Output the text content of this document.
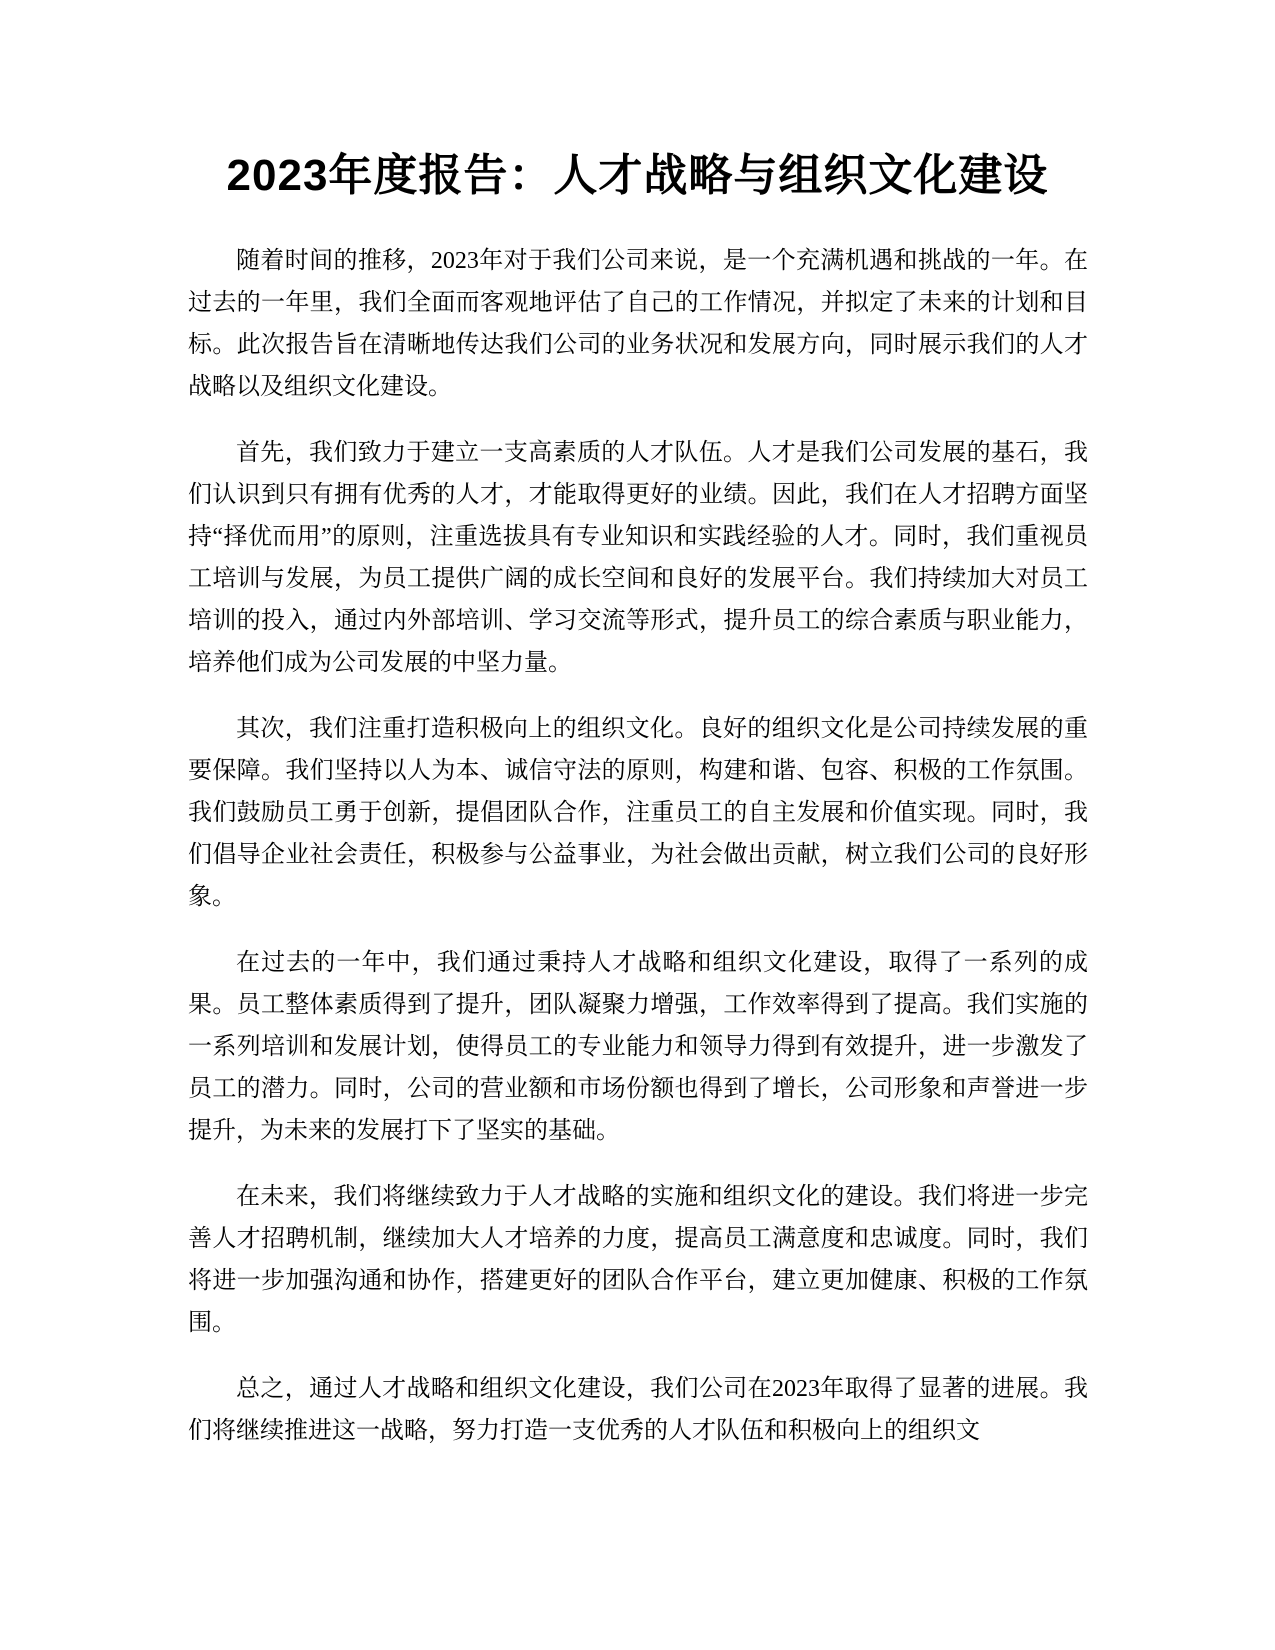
2023年度报告：人才战略与组织文化建设

随着时间的推移，2023年对于我们公司来说，是一个充满机遇和挑战的一年。在过去的一年里，我们全面而客观地评估了自己的工作情况，并拟定了未来的计划和目标。此次报告旨在清晰地传达我们公司的业务状况和发展方向，同时展示我们的人才战略以及组织文化建设。

首先，我们致力于建立一支高素质的人才队伍。人才是我们公司发展的基石，我们认识到只有拥有优秀的人才，才能取得更好的业绩。因此，我们在人才招聘方面坚持“择优而用”的原则，注重选拔具有专业知识和实践经验的人才。同时，我们重视员工培训与发展，为员工提供广阔的成长空间和良好的发展平台。我们持续加大对员工培训的投入，通过内外部培训、学习交流等形式，提升员工的综合素质与职业能力，培养他们成为公司发展的中坚力量。

其次，我们注重打造积极向上的组织文化。良好的组织文化是公司持续发展的重要保障。我们坚持以人为本、诚信守法的原则，构建和谐、包容、积极的工作氛围。我们鼓励员工勇于创新，提倡团队合作，注重员工的自主发展和价值实现。同时，我们倡导企业社会责任，积极参与公益事业，为社会做出贡献，树立我们公司的良好形象。

在过去的一年中，我们通过秉持人才战略和组织文化建设，取得了一系列的成果。员工整体素质得到了提升，团队凝聚力增强，工作效率得到了提高。我们实施的一系列培训和发展计划，使得员工的专业能力和领导力得到有效提升，进一步激发了员工的潜力。同时，公司的营业额和市场份额也得到了增长，公司形象和声誉进一步提升，为未来的发展打下了坚实的基础。

在未来，我们将继续致力于人才战略的实施和组织文化的建设。我们将进一步完善人才招聘机制，继续加大人才培养的力度，提高员工满意度和忠诚度。同时，我们将进一步加强沟通和协作，搭建更好的团队合作平台，建立更加健康、积极的工作氛围。

总之，通过人才战略和组织文化建设，我们公司在2023年取得了显著的进展。我们将继续推进这一战略，努力打造一支优秀的人才队伍和积极向上的组织文
